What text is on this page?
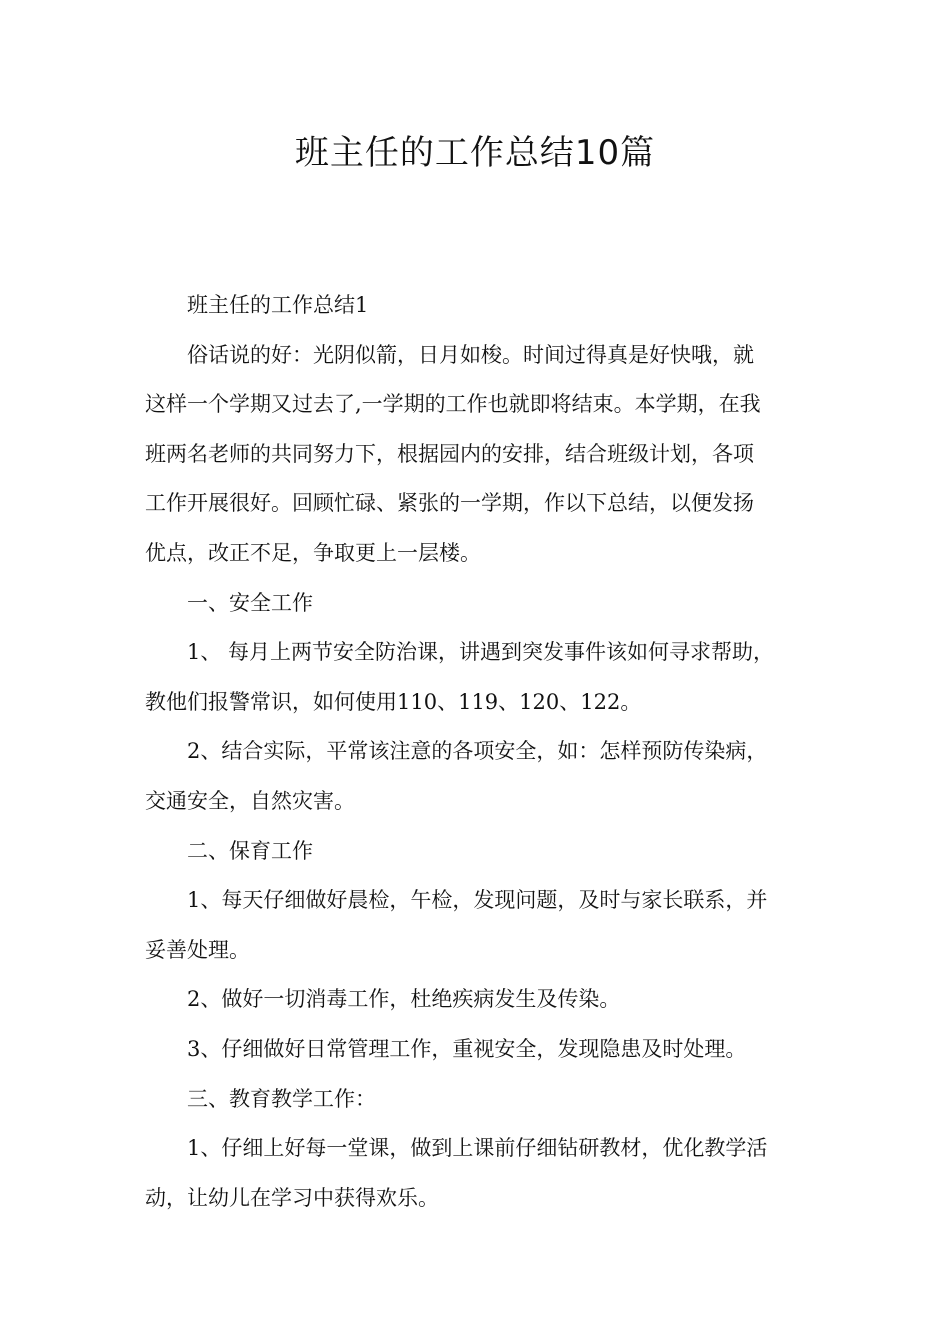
班主任的工作总结10篇

班主任的工作总结1

俗话说的好：光阴似箭，日月如梭。时间过得真是好快哦，就

这样一个学期又过去了,一学期的工作也就即将结束。本学期，在我

班两名老师的共同努力下，根据园内的安排，结合班级计划，各项

工作开展很好。回顾忙碌、紧张的一学期，作以下总结，以便发扬

优点，改正不足，争取更上一层楼。

一、安全工作

1、 每月上两节安全防治课，讲遇到突发事件该如何寻求帮助，

教他们报警常识，如何使用110、119、120、122。

2、结合实际，平常该注意的各项安全，如：怎样预防传染病，

交通安全，自然灾害。

二、保育工作

1、每天仔细做好晨检，午检，发现问题，及时与家长联系，并

妥善处理。

2、做好一切消毒工作，杜绝疾病发生及传染。

3、仔细做好日常管理工作，重视安全，发现隐患及时处理。

三、教育教学工作：

1、仔细上好每一堂课，做到上课前仔细钻研教材，优化教学活

动，让幼儿在学习中获得欢乐。
